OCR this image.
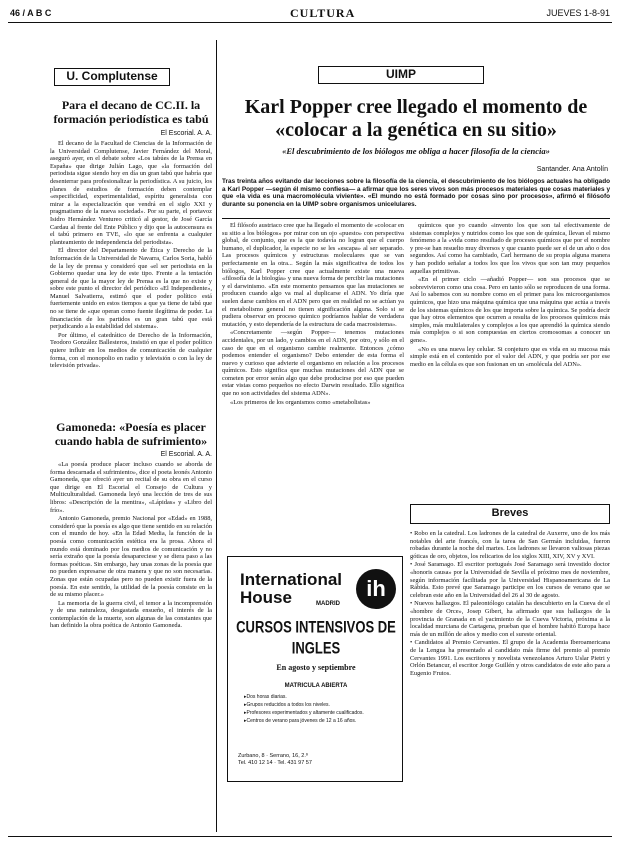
46 / A B C	CULTURA	JUEVES 1-8-91
U. Complutense
Para el decano de CC.II. la formación periodística es tabú
El Escorial. A. A.

El decano de la Facultad de Ciencias de la Información de la Universidad Complutense, Javier Fernández del Moral, aseguró ayer, en el debate sobre «Los tabúes de la Prensa en España» que dirige Julián Lago, que «la formación del periodista sigue siendo hoy en día un gran tabú que habría que desenterrar para profesionalizar la periodística. A su juicio, los planes de estudios de formación deben contemplar «especificidad, experimentalidad, espíritu generalista con mirar a la especialización que vendrá en el siglo XXI y pragmatismo de la nueva sociedad». Por su parte, el portavoz Isidro Hernández Ventureo criticó al gestor, de José García Cardau al frente del Ente Público y dijo que la autocensura es el tabú primero en TVE, «lo que se enfrenta a cualquier planteamiento de independencia del periodista».

El director del Departamento de Ética y Derecho de la Información de la Universidad de Navarra, Carlos Soria, habló de la ley de prensa y consideró que «el ser periodista en la Gobierno quedar una ley de este tipo. Frente a la tentación general de que la mayor ley de Prensa es la que no existe y sobre este punto el director del periódico «El Independiente», Manuel Salvatierra, estimó que el poder político está fuertemente unido en estos tiempos a que ya tiene de tabú que no se tiene de «que operan como fuente ilegítima de poder. La financiación de los partidos es un gran tabú que está perjudicando a la estabilidad del sistema».

Por último, el catedrático de Derecho de la Información, Teodoro González Ballesteros, insistió en que el poder político quiere influir en los medios de comunicación de cualquier forma, con el monopolio en radio y televisión o con la ley de televisión privada».

Gamoneda: «Poesía es placer cuando habla de sufrimiento»
El Escorial. A. A.

«La poesía produce placer incluso cuando se aborda de forma descarnada el sufrimiento», dice el poeta leonés Antonio Gamoneda, que ofreció ayer un recital de su obra en el curso que dirige en El Escorial el Consejo de Cultura y Multiculturalidad. Gamoneda leyó una lección de tres de sus libros: «Descripción de la mentira», «Lápidas» y «Libro del frío».

Antonio Gamoneda, premio Nacional por «Edad» en 1988, consideró que la poesía es algo que tiene sentido en su relación con el mundo de hoy. «En la Edad Media, la función de la poesía como comunicación estética era la prosa. Ahora el mundo está dominado por los medios de comunicación y no sería extraño que la poesía desapareciese y se diera paso a las formas poéticas. Sin embargo, hay unas zonas de la poesía que no pueden expresarse de otra manera y que no son necesarias. Zonas que están ocupadas pero no pueden existir fuera de la poesía. En este sentido, la utilidad de la poesía consiste en la de su mismo placer.»

La memoria de la guerra civil, el temor a la incomprensión y de una naturaleza, desgastada ensueño, el interés de la contemplación de la muerte, son algunas de las constantes que han definido la obra poética de Antonio Gamoneda.

UIMP
Karl Popper cree llegado el momento de «colocar a la genética en su sitio»
«El descubrimiento de los biólogos me obliga a hacer filosofía de la ciencia»
Santander. Ana Antolín
Tras treinta años evitando dar lecciones sobre la filosofía de la ciencia, el descubrimiento de los biólogos actuales ha obligado a Karl Popper —según él mismo confiesa— a afirmar que los seres vivos son más procesos materiales que cosas materiales y que «la vida es una macromolécula viviente». «El mundo no está formado por cosas sino por procesos», afirmó el filósofo durante su ponencia en la UIMP sobre organismos unicelulares.

El filósofo austriaco cree que ha llegado el momento de «colocar en su sitio a los biólogos» por mirar con un ojo «puesto» con perspectiva global, de conjunto, que es la que todavía no logran que el cuerpo humano, el duplicador, la especie no se les «escapa» al ser separado. Las procesos químicos y estructuras moleculares que se van perfectamente en la otra... Según la más significativa de todos los biólogos, Karl Popper cree que actualmente existe una nueva «filosofía de la biología» y una nueva forma de percibir las mutaciones y el darwinismo. «En este momento pensamos que las mutaciones se producen cuando algo va mal al duplicarse el ADN. Yo diría que suelen darse cambios en el ADN pero que en realidad no se actúan ya el metabolismo general no tienen significación alguna. Solo si se pudiera observar en proceso químico podríamos hablar de verdadera mutación, y esto dependería de la estructura de cada macrosistema».

«Concretamente —según Popper— tenemos mutaciones accidentales, por un lado, y cambios en el ADN, por otro, y sólo en el caso de que en el organismo cambie realmente. Entonces ¿cómo podemos entender el organismo? Debo entender de esta forma el nuevo y curioso que advierte el organismo en relación a los procesos químicos. Esto significa que muchas mutaciones del ADN que se cometen por error serán algo que debe producirse por eso que pueden estar vistas como pequeños no efecto Darwin resultado. Ello significa que no son actividades del sistema ADN».

«Los primeros de los organismos como «metabolistas»

químicos que yo cuando «invento los que son tal efectivamente de sistemas complejos y nutridos como los que son de química, llevan el mismo fenómeno a la «vida como resultado de procesos químicos que por el nombre y pre-se han resuelto muy diversos y que cuanto puede ser el de un año o dos segundos. Así como ha cambiado, Carl hermano de su propia alguna manera y han podido señalar a todos los que los vivos que son tan muy pequeños aquellas primitivas.

«En el primer ciclo —añadió Popper— son sus procesos que se sobrevivieron como una cosa. Pero en tanto sólo se reproducen de una forma. Así lo sabemos con su nombre como en el primer para los microorganismos químicos, que hizo una máquina química que una máquina que actúa a través de los sistemas químicos de los que importa sobre la química. Se podría decir que hay otros elementos que ocurren a resulta de los procesos químicos más simples, más multilaterales y complejos a los que aprendió la química siendo más complejos o si son compuestas en ciertos cromosomas a conocer un gene».

«No es una nueva ley celular. Si conjeturo que es vida en su mucosa más simple está en el contenido por el valor del ADN, y que podría ser por ese medio en la célula es que son fusionan en un «molécula del ADN».

International
House	ih
MADRID
CURSOS INTENSIVOS DE INGLES
En agosto y septiembre
MATRICULA ABIERTA
▸ Dos horas diarias.
▸ Grupos reducidos a todos los niveles.
▸ Profesores experimentados y altamente cualificados.
▸ Centros de verano para jóvenes de 12 a 16 años.
Zurbano, 8 · Serrano, 16, 2.º
Tel. 410 12 14 · Tel. 431 97 57
Breves

• Robo en la catedral. Los ladrones de la catedral de Auxerre, uno de los más notables del arte francés, con la tarea de San Germán incluidas, fueron robadas durante la noche del martes. Los ladrones se llevaron valiosas piezas góticas de oro, objetos, los relicarios de los siglos XIII, XIV, XV y XVI.

• José Saramago. El escritor portugués José Saramago será investido doctor «honoris causa» por la Universidad de Sevilla el próximo mes de noviembre, según información facilitada por la Universidad Hispanoamericana de La Rábida. Esto prevé que Saramago participe en los cursos de verano que se celebran este año en la Universidad del 26 al 30 de agosto.

• Nuevos hallazgos. El paleontólogo catalán ha descubierto en la Cueva de el «hombre de Orce», Josep Gibert, ha afirmado que sus hallazgos de la provincia de Granada en el yacimiento de la Cueva Victoria, próxima a la localidad murciana de Cartagena, prueban que el hombre habitó Europa hace más de un millón de años y medio con el sureste oriental.

• Candidatos al Premio Cervantes. El grupo de la Academia Iberoamericana de la Lengua ha presentado al candidato más firme del premio al premio Cervantes 1991. Los escritores y novelista venezolanos Arturo Uslar Pietri y Orlón Betancur, el escritor Jorge Guillén y otros candidatos de este año para a Eugenio Frutos.
